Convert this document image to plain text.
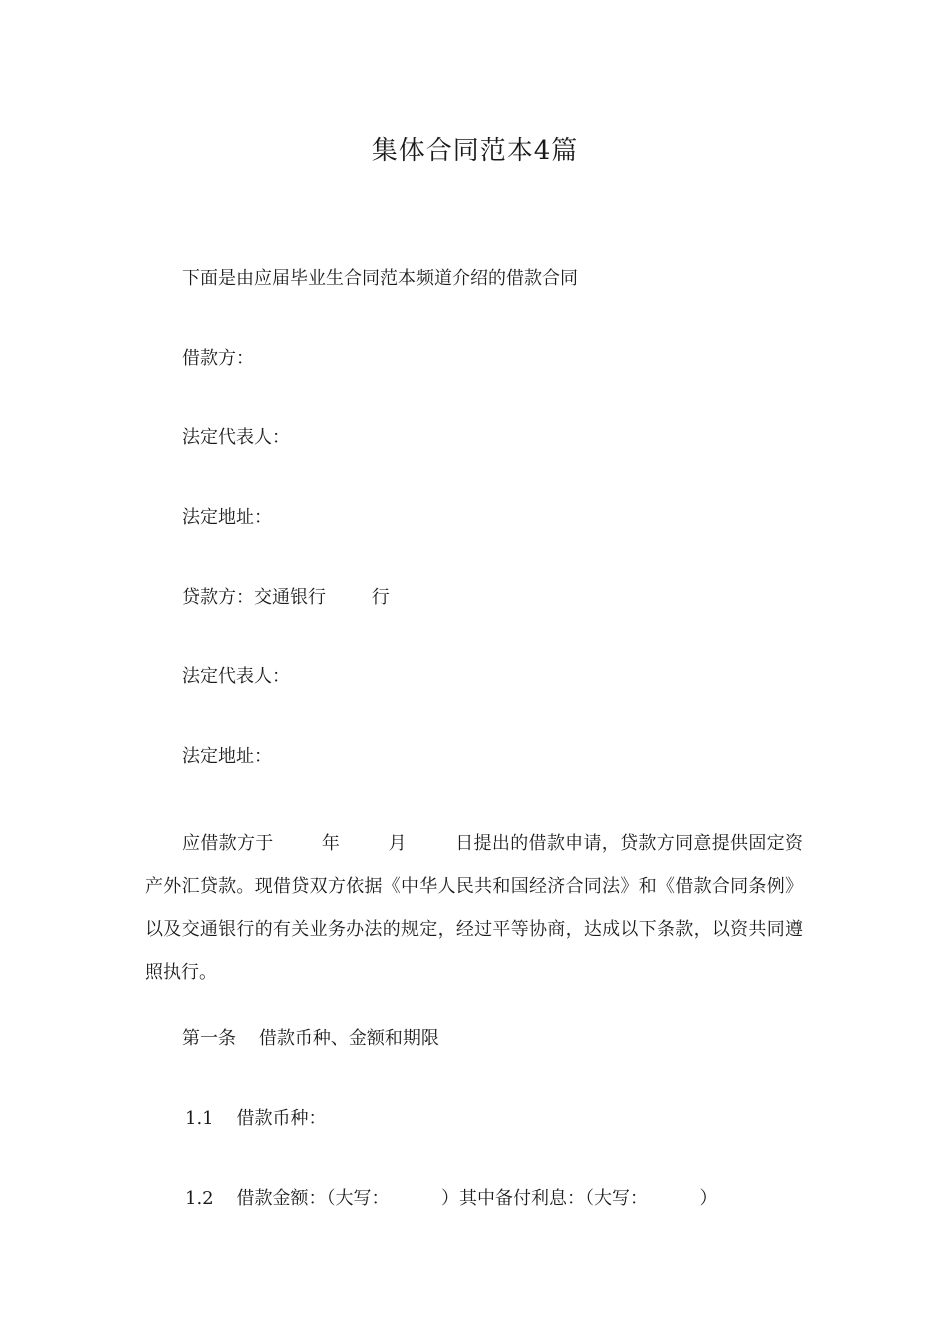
集体合同范本4篇
下面是由应届毕业生合同范本频道介绍的借款合同
借款方：
法定代表人：
法定地址：
贷款方：交通银行        行
法定代表人：
法定地址：
应借款方于        年        月        日提出的借款申请，贷款方同意提供固定资产外汇贷款。现借贷双方依据《中华人民共和国经济合同法》和《借款合同条例》以及交通银行的有关业务办法的规定，经过平等协商，达成以下条款，以资共同遵照执行。
第一条    借款币种、金额和期限
1.1    借款币种：
1.2    借款金额：（大写：         ）其中备付利息：（大写：         ）
